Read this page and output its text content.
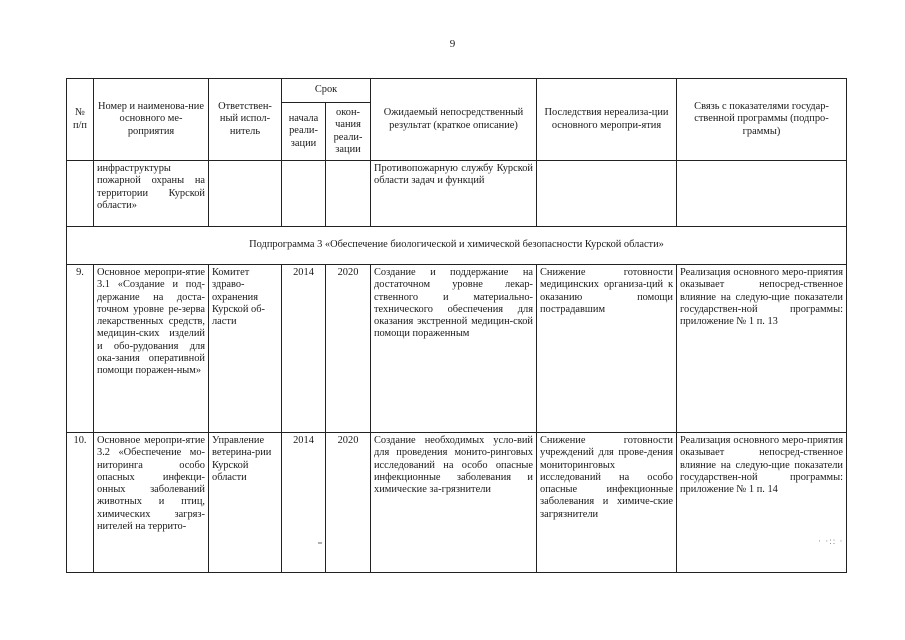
9
№ п/п	Номер и наименова-ние основного ме-роприятия	Ответствен-ный испол-нитель	Срок		Ожидаемый непосредственный результат (краткое описание)	Последствия нереализа-ции основного меропри-ятия	Связь с показателями государ-ственной программы (подпро-граммы)
			начала реали-зации	окон-чания реали-зации			
	инфраструктуры пожарной охраны на территории Курской области»				Противопожарную службу Курской области задач и функций		
Подпрограмма 3 «Обеспечение биологической и химической безопасности Курской области»							
9.	Основное меропри-ятие 3.1 «Создание и под-держание на доста-точном уровне ре-зерва лекарственных средств, медицин-ских изделий и обо-рудования для ока-зания оперативной помощи поражен-ным»	Комитет здраво-охранения Курской об-ласти	2014	2020	Создание и поддержание на достаточном уровне лекар-ственного и материально-технического обеспечения для оказания экстренной медицин-ской помощи пораженным	Снижение готовности медицинских организа-ций к оказанию помощи пострадавшим	Реализация основного меро-приятия оказывает непосред-ственное влияние на следую-щие показатели государствен-ной программы: приложение № 1 п. 13
10.	Основное меропри-ятие 3.2 «Обеспечение мо-ниторинга особо опасных инфекци-онных заболеваний животных и птиц, химических загряз-нителей на террито-	Управление ветерина-рии Курской области	2014	2020	Создание необходимых усло-вий для проведения монито-ринговых исследований на особо опасные инфекционные заболевания и химические за-грязнители	Снижение готовности учреждений для прове-дения мониторинговых исследований на особо опасные инфекционные заболевания и химиче-ские загрязнители	Реализация основного меро-приятия оказывает непосред-ственное влияние на следую-щие показатели государствен-ной программы: приложение № 1 п. 14
· ·:: ·
